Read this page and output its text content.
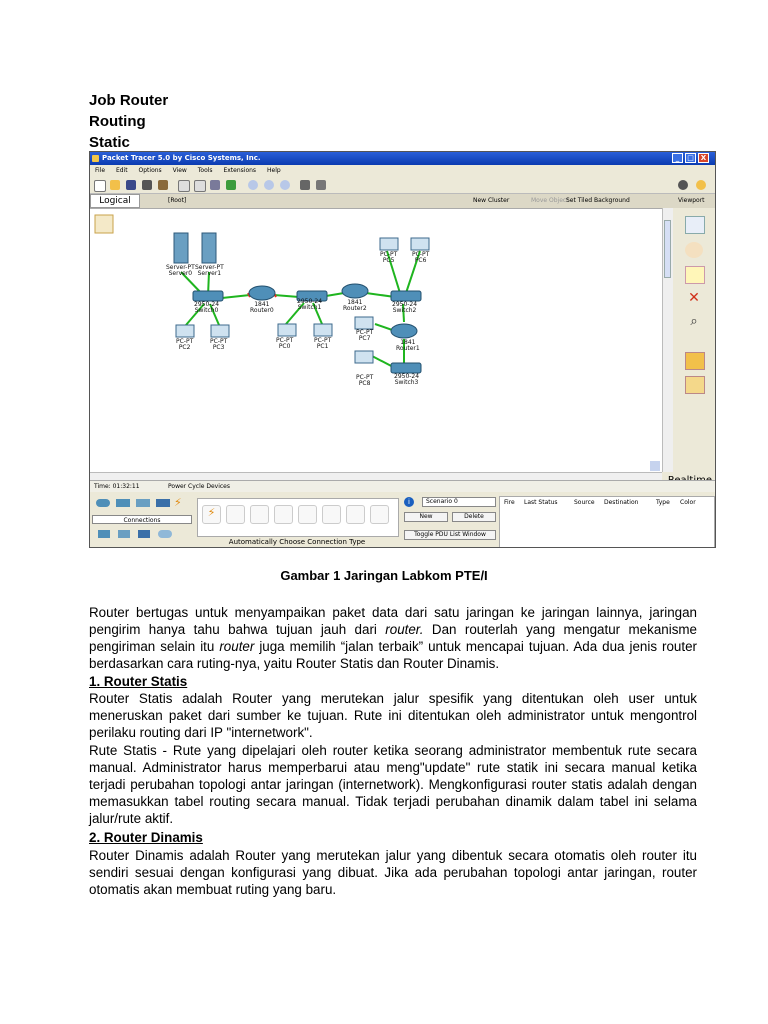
Job Router
Routing
Static
Packet Tracer 5.0 by Cisco Systems, Inc.	_	□ X
File Edit Options View Tools Extensions Help
Logical	[Root]	New Cluster	Move Object
Set Tiled Background	Viewport
Server-PT
Server0
Server-PT
Server1
2950-24
Switch0
1841
Router0
2950-24
Switch1
1841
Router2
2950-24
Switch2
1841
Router1
2950-24
Switch3
PC-PT
PC2
PC-PT
PC3
PC-PT
PC0
PC-PT
PC1
PC-PT
PC5
PC-PT
PC6
PC-PT
PC7
PC-PT
PC8
✕
⌕
Time: 01:32:11	Power Cycle Devices
⚡
Connections
⚡
Automatically Choose Connection Type
i	Scenario 0
New	Delete
Toggle PDU List Window
Fire Last Status	Source Destination	Type Color
Gambar 1 Jaringan Labkom PTE/I
Router bertugas untuk menyampaikan paket data dari satu jaringan ke jaringan lainnya, jaringan pengirim hanya tahu bahwa tujuan jauh dari router. Dan routerlah yang mengatur mekanisme pengiriman selain itu router juga memilih “jalan terbaik” untuk mencapai tujuan. Ada dua jenis router berdasarkan cara ruting-nya, yaitu Router Statis dan Router Dinamis.
1. Router Statis
Router Statis adalah Router yang merutekan jalur spesifik yang ditentukan oleh user untuk meneruskan paket dari sumber ke tujuan. Rute ini ditentukan oleh administrator untuk mengontrol perilaku routing dari IP "internetwork".
Rute Statis - Rute yang dipelajari oleh router ketika seorang administrator membentuk rute secara manual. Administrator harus memperbarui atau meng"update" rute statik ini secara manual ketika terjadi perubahan topologi antar jaringan (internetwork). Mengkonfigurasi router statis adalah dengan memasukkan tabel routing secara manual. Tidak terjadi perubahan dinamik dalam tabel ini selama jalur/rute aktif.
2. Router Dinamis
Router Dinamis adalah Router yang merutekan jalur yang dibentuk secara otomatis oleh router itu sendiri sesuai dengan konfigurasi yang dibuat. Jika ada perubahan topologi antar jaringan, router otomatis akan membuat ruting yang baru.
